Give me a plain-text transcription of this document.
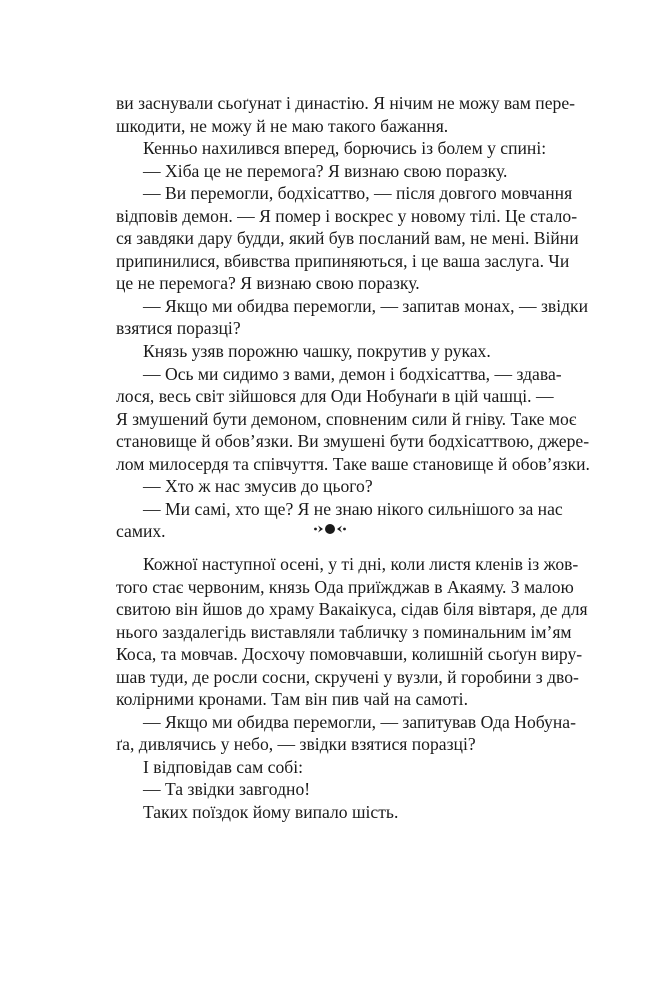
ви заснували сьоґунат і династію. Я нічим не можу вам пере-
шкодити, не можу й не маю такого бажання.
Кенньо нахилився вперед, борючись із болем у спині:
— Хіба це не перемога? Я визнаю свою поразку.
— Ви перемогли, бодхісаттво, — після довгого мовчання
відповів демон. — Я помер і воскрес у новому тілі. Це стало-
ся завдяки дару будди, який був посланий вам, не мені. Війни
припинилися, вбивства припиняються, і це ваша заслуга. Чи
це не перемога? Я визнаю свою поразку.
— Якщо ми обидва перемогли, — запитав монах, — звідки
взятися поразці?
Князь узяв порожню чашку, покрутив у руках.
— Ось ми сидимо з вами, демон і бодхісаттва, — здава-
лося, весь світ зійшовся для Оди Нобунаґи в цій чашці. —
Я змушений бути демоном, сповненим сили й гніву. Таке моє
становище й обов’язки. Ви змушені бути бодхісаттвою, джере-
лом милосердя та співчуття. Таке ваше становище й обов’язки.
— Хто ж нас змусив до цього?
— Ми самі, хто ще? Я не знаю нікого сильнішого за нас
самих.
Кожної наступної осені, у ті дні, коли листя кленів із жов-
того стає червоним, князь Ода приїжджав в Акаяму. З малою
свитою він йшов до храму Вакаікуса, сідав біля вівтаря, де для
нього заздалегідь виставляли табличку з поминальним ім’ям
Коса, та мовчав. Досхочу помовчавши, колишній сьоґун виру-
шав туди, де росли сосни, скручені у вузли, й горобини з дво-
колірними кронами. Там він пив чай на самоті.
— Якщо ми обидва перемогли, — запитував Ода Нобуна-
ґа, дивлячись у небо, — звідки взятися поразці?
І відповідав сам собі:
— Та звідки завгодно!
Таких поїздок йому випало шість.
